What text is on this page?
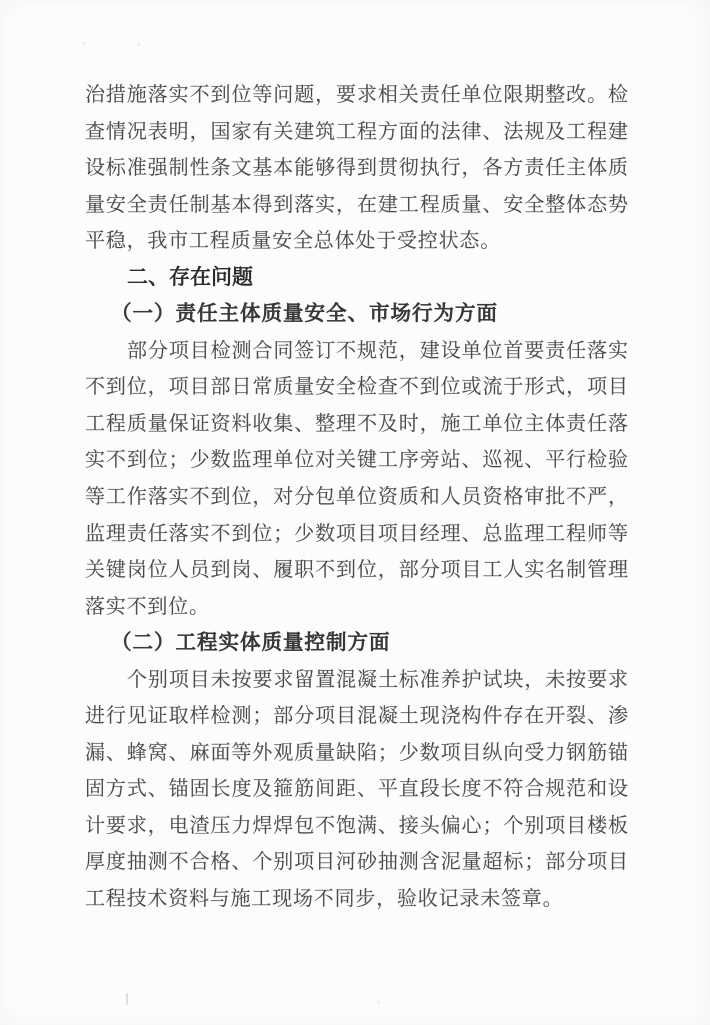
治措施落实不到位等问题，要求相关责任单位限期整改。检
查情况表明，国家有关建筑工程方面的法律、法规及工程建
设标准强制性条文基本能够得到贯彻执行，各方责任主体质
量安全责任制基本得到落实，在建工程质量、安全整体态势
平稳，我市工程质量安全总体处于受控状态。
二、存在问题
（一）责任主体质量安全、市场行为方面
部分项目检测合同签订不规范，建设单位首要责任落实
不到位，项目部日常质量安全检查不到位或流于形式，项目
工程质量保证资料收集、整理不及时，施工单位主体责任落
实不到位；少数监理单位对关键工序旁站、巡视、平行检验
等工作落实不到位，对分包单位资质和人员资格审批不严，
监理责任落实不到位；少数项目项目经理、总监理工程师等
关键岗位人员到岗、履职不到位，部分项目工人实名制管理
落实不到位。
（二）工程实体质量控制方面
个别项目未按要求留置混凝土标准养护试块，未按要求
进行见证取样检测；部分项目混凝土现浇构件存在开裂、渗
漏、蜂窝、麻面等外观质量缺陷；少数项目纵向受力钢筋锚
固方式、锚固长度及箍筋间距、平直段长度不符合规范和设
计要求，电渣压力焊焊包不饱满、接头偏心；个别项目楼板
厚度抽测不合格、个别项目河砂抽测含泥量超标；部分项目
工程技术资料与施工现场不同步，验收记录未签章。
